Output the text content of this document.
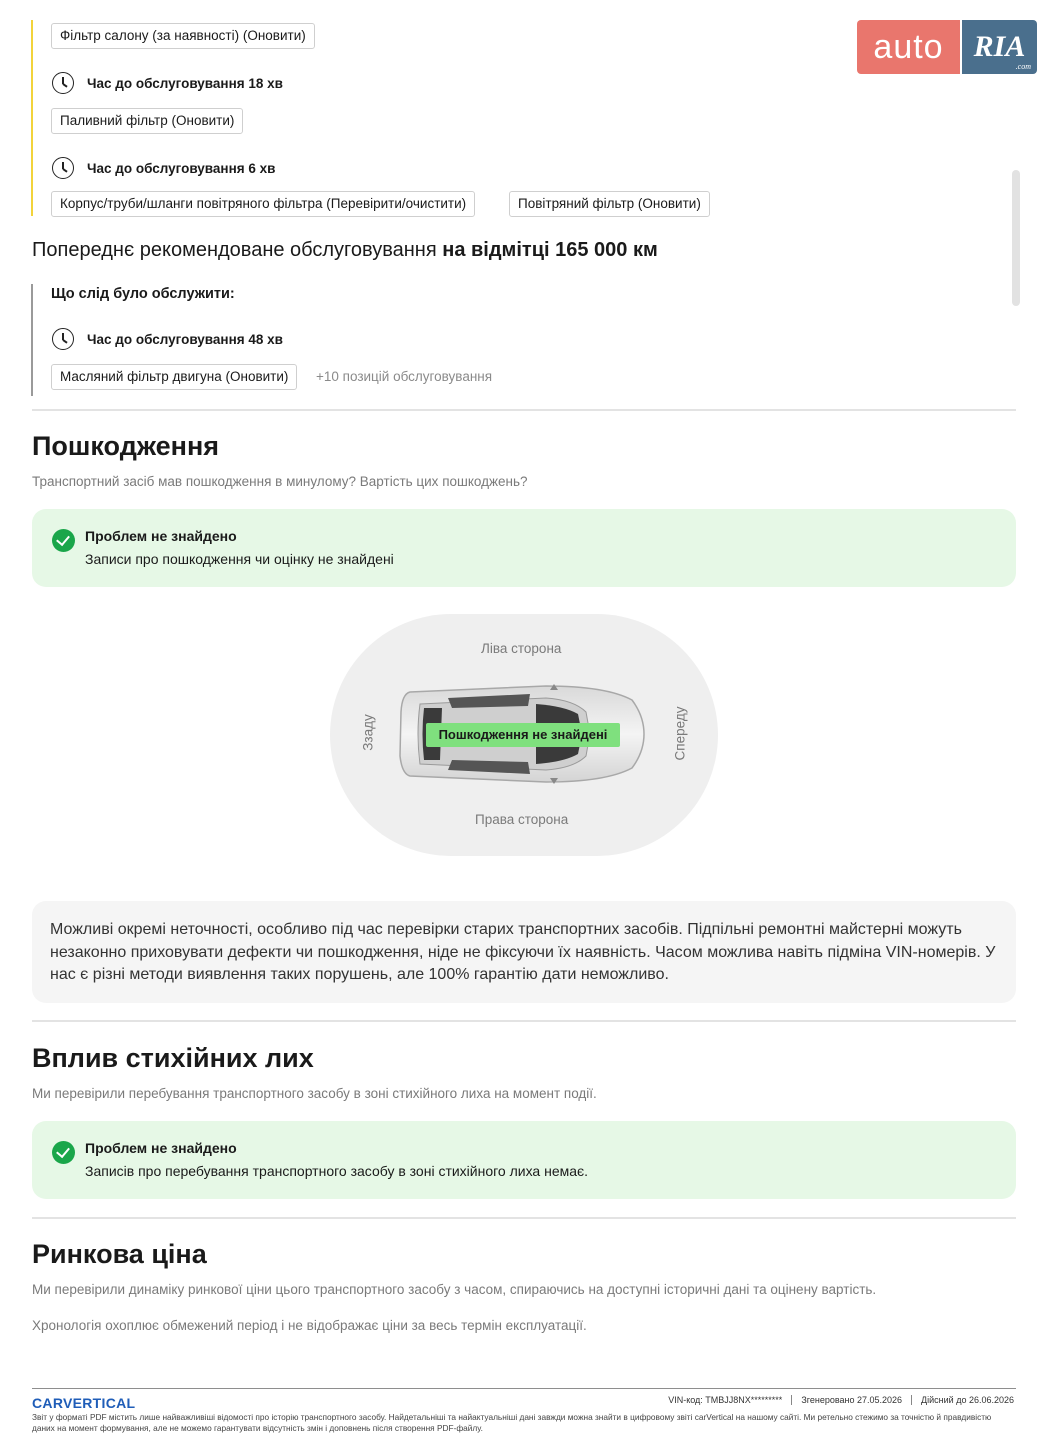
auto	RIA
.com
Фільтр салону (за наявності) (Оновити)
Час до обслуговування 18 хв
Паливний фільтр (Оновити)
Час до обслуговування 6 хв
Корпус/труби/шланги повітряного фільтра (Перевірити/очистити)	Повітряний фільтр (Оновити)
Попереднє рекомендоване обслуговування на відмітці 165 000 км
Що слід було обслужити:
Час до обслуговування 48 хв
Масляний фільтр двигуна (Оновити)	+10 позицій обслуговування
Пошкодження
Транспортний засіб мав пошкодження в минулому? Вартість цих пошкоджень?
Проблем не знайдено
Записи про пошкодження чи оцінку не знайдені
Ліва сторона
Права сторона
Ззаду	Спереду
Пошкодження не знайдені
Можливі окремі неточності, особливо під час перевірки старих транспортних засобів. Підпільні ремонтні майстерні можуть незаконно приховувати дефекти чи пошкодження, ніде не фіксуючи їх наявність. Часом можлива навіть підміна VIN-номерів. У нас є різні методи виявлення таких порушень, але 100% гарантію дати неможливо.
Вплив стихійних лих
Ми перевірили перебування транспортного засобу в зоні стихійного лиха на момент події.
Проблем не знайдено
Записів про перебування транспортного засобу в зоні стихійного лиха немає.
Ринкова ціна
Ми перевірили динаміку ринкової ціни цього транспортного засобу з часом, спираючись на доступні історичні дані та оцінену вартість.
Хронологія охоплює обмежений період і не відображає ціни за весь термін експлуатації.
CARVERTICAL	VIN-код: TMBJJ8NX********* Згенеровано 27.05.2026 Дійсний до 26.06.2026
Звіт у форматі PDF містить лише найважливіші відомості про історію транспортного засобу. Найдетальніші та найактуальніші дані завжди можна знайти в цифровому звіті carVertical на нашому сайті. Ми ретельно стежимо за точністю й правдивістю даних на момент формування, але не можемо гарантувати відсутність змін і доповнень після створення PDF-файлу.
